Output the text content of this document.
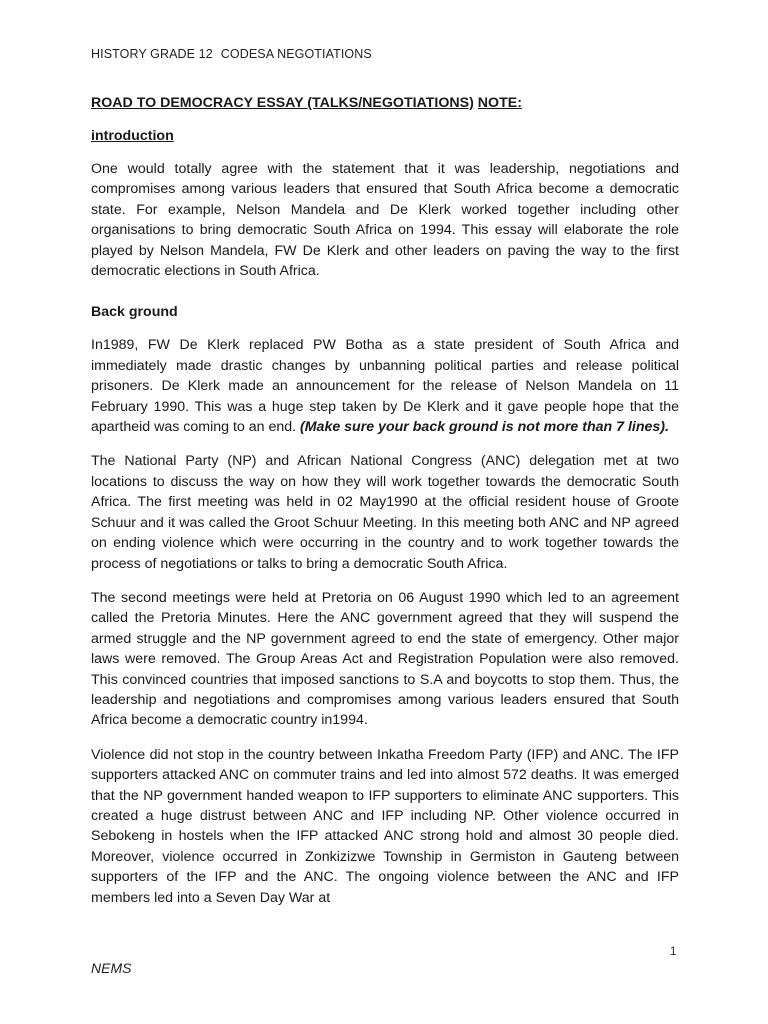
HISTORY GRADE 12 CODESA NEGOTIATIONS

ROAD TO DEMOCRACY ESSAY (TALKS/NEGOTIATIONS) NOTE:

introduction

One would totally agree with the statement that it was leadership, negotiations and compromises among various leaders that ensured that South Africa become a democratic state. For example, Nelson Mandela and De Klerk worked together including other organisations to bring democratic South Africa on 1994. This essay will elaborate the role played by Nelson Mandela, FW De Klerk and other leaders on paving the way to the first democratic elections in South Africa.

Back ground

In1989, FW De Klerk replaced PW Botha as a state president of South Africa and immediately made drastic changes by unbanning political parties and release political prisoners. De Klerk made an announcement for the release of Nelson Mandela on 11 February 1990. This was a huge step taken by De Klerk and it gave people hope that the apartheid was coming to an end. (Make sure your back ground is not more than 7 lines).

The National Party (NP) and African National Congress (ANC) delegation met at two locations to discuss the way on how they will work together towards the democratic South Africa. The first meeting was held in 02 May1990 at the official resident house of Groote Schuur and it was called the Groot Schuur Meeting. In this meeting both ANC and NP agreed on ending violence which were occurring in the country and to work together towards the process of negotiations or talks to bring a democratic South Africa.

The second meetings were held at Pretoria on 06 August 1990 which led to an agreement called the Pretoria Minutes. Here the ANC government agreed that they will suspend the armed struggle and the NP government agreed to end the state of emergency. Other major laws were removed. The Group Areas Act and Registration Population were also removed. This convinced countries that imposed sanctions to S.A and boycotts to stop them. Thus, the leadership and negotiations and compromises among various leaders ensured that South Africa become a democratic country in1994.

Violence did not stop in the country between Inkatha Freedom Party (IFP) and ANC. The IFP supporters attacked ANC on commuter trains and led into almost 572 deaths. It was emerged that the NP government handed weapon to IFP supporters to eliminate ANC supporters. This created a huge distrust between ANC and IFP including NP. Other violence occurred in Sebokeng in hostels when the IFP attacked ANC strong hold and almost 30 people died. Moreover, violence occurred in Zonkizizwe Township in Germiston in Gauteng between supporters of the IFP and the ANC. The ongoing violence between the ANC and IFP members led into a Seven Day War at

1
NEMS
